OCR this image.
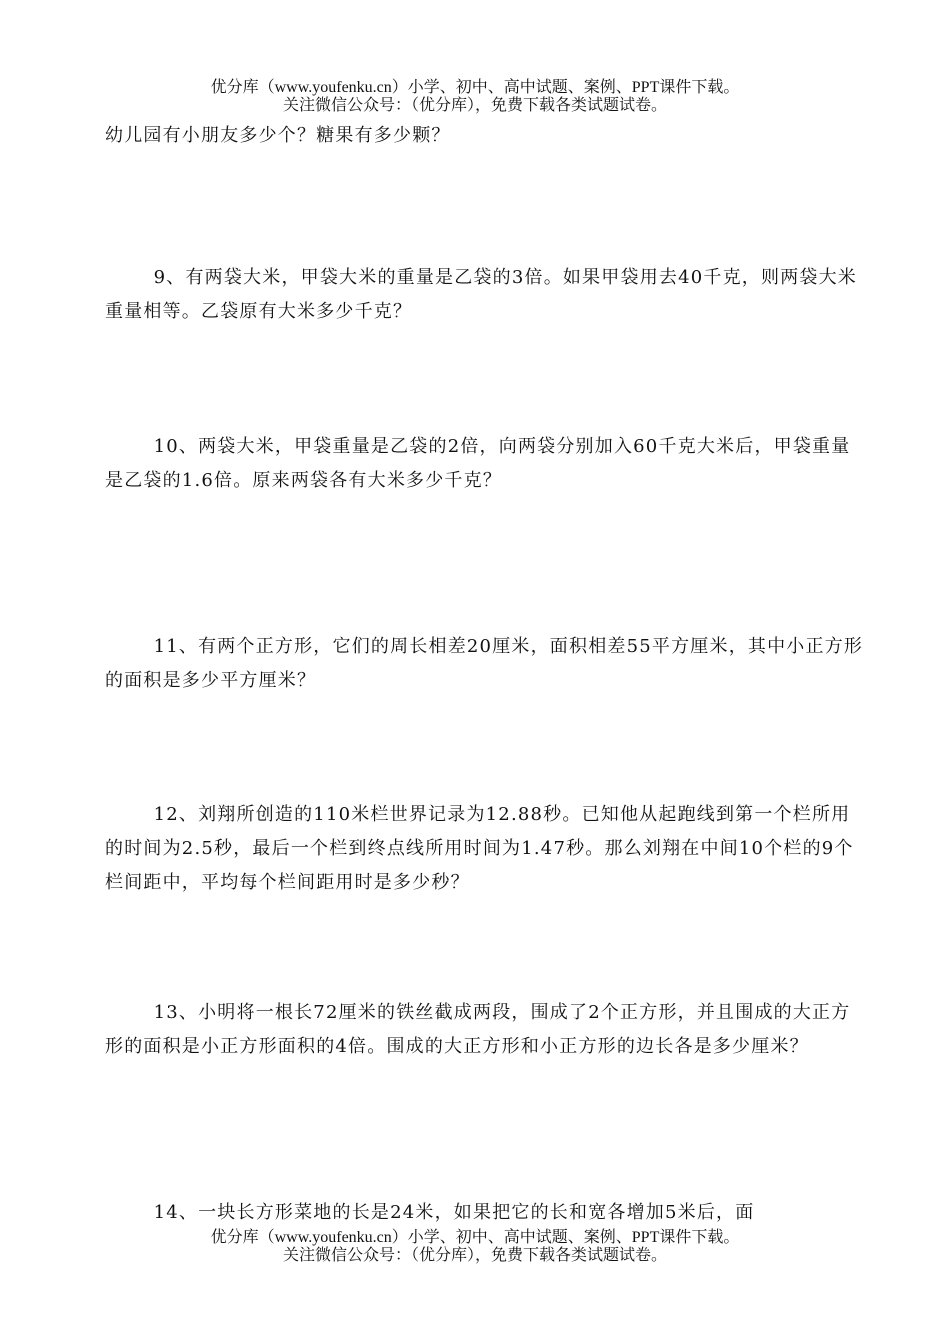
优分库（www.youfenku.cn）小学、初中、高中试题、案例、PPT课件下载。
关注微信公众号：（优分库），免费下载各类试题试卷。

幼儿园有小朋友多少个？糖果有多少颗？

9、有两袋大米，甲袋大米的重量是乙袋的3倍。如果甲袋用去40千克，则两袋大米重量相等。乙袋原有大米多少千克？

10、两袋大米，甲袋重量是乙袋的2倍，向两袋分别加入60千克大米后，甲袋重量是乙袋的1.6倍。原来两袋各有大米多少千克？

11、有两个正方形，它们的周长相差20厘米，面积相差55平方厘米，其中小正方形的面积是多少平方厘米？

12、刘翔所创造的110米栏世界记录为12.88秒。已知他从起跑线到第一个栏所用的时间为2.5秒，最后一个栏到终点线所用时间为1.47秒。那么刘翔在中间10个栏的9个栏间距中，平均每个栏间距用时是多少秒？

13、小明将一根长72厘米的铁丝截成两段，围成了2个正方形，并且围成的大正方形的面积是小正方形面积的4倍。围成的大正方形和小正方形的边长各是多少厘米？

14、一块长方形菜地的长是24米，如果把它的长和宽各增加5米后，面

优分库（www.youfenku.cn）小学、初中、高中试题、案例、PPT课件下载。
关注微信公众号：（优分库），免费下载各类试题试卷。
